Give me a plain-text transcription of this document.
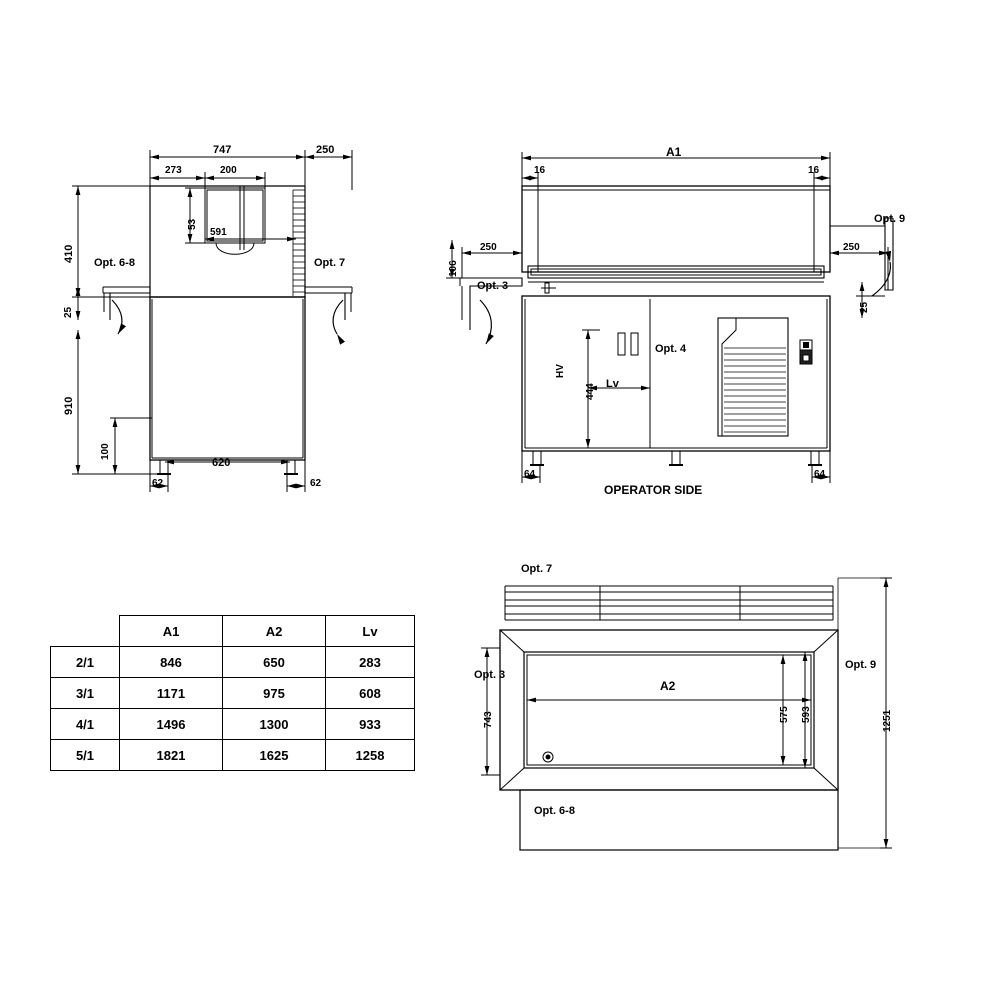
747	250
273	200
591
53
410
25
910
100
620
62	62
Opt. 6-8	Opt. 7
A1
16	16
106
250	250
25
HV
444 Lv
64	64
Opt. 3
Opt. 4
Opt. 9
OPERATOR SIDE
Opt. 7
Opt. 3
Opt. 9
Opt. 6-8
A2
743	575 593	1251
	A1	A2	Lv
2/1	846	650	283
3/1	1171	975	608
4/1	1496	1300	933
5/1	1821	1625	1258
